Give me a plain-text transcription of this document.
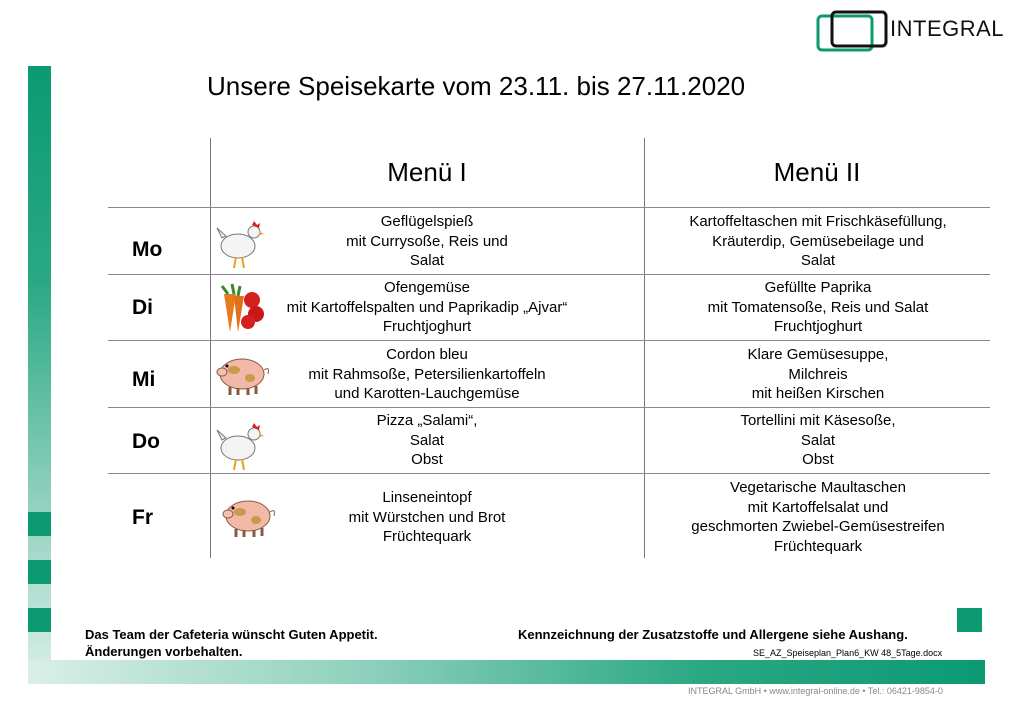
INTEGRAL
Unsere Speisekarte vom 23.11. bis 27.11.2020
Menü I	Menü II
Mo
Geflügelspieß
mit Currysoße, Reis und
Salat
Kartoffeltaschen mit Frischkäsefüllung,
Kräuterdip, Gemüsebeilage und
Salat
Di
Ofengemüse
mit Kartoffelspalten und Paprikadip „Ajvar“
Fruchtjoghurt
Gefüllte Paprika
mit Tomatensoße, Reis und Salat
Fruchtjoghurt
Mi
Cordon bleu
mit Rahmsoße, Petersilienkartoffeln
und Karotten-Lauchgemüse
Klare Gemüsesuppe,
Milchreis
mit heißen Kirschen
Do
Pizza „Salami“,
Salat
Obst
Tortellini mit Käsesoße,
Salat
Obst
Fr
Linseneintopf
mit Würstchen und Brot
Früchtequark
Vegetarische Maultaschen
mit Kartoffelsalat und
geschmorten Zwiebel-Gemüsestreifen
Früchtequark
Das Team der Cafeteria wünscht Guten Appetit.
Änderungen vorbehalten.
Kennzeichnung der Zusatzstoffe und Allergene siehe Aushang.
SE_AZ_Speiseplan_Plan6_KW 48_5Tage.docx
INTEGRAL GmbH • www.integral-online.de • Tel.: 06421-9854-0
